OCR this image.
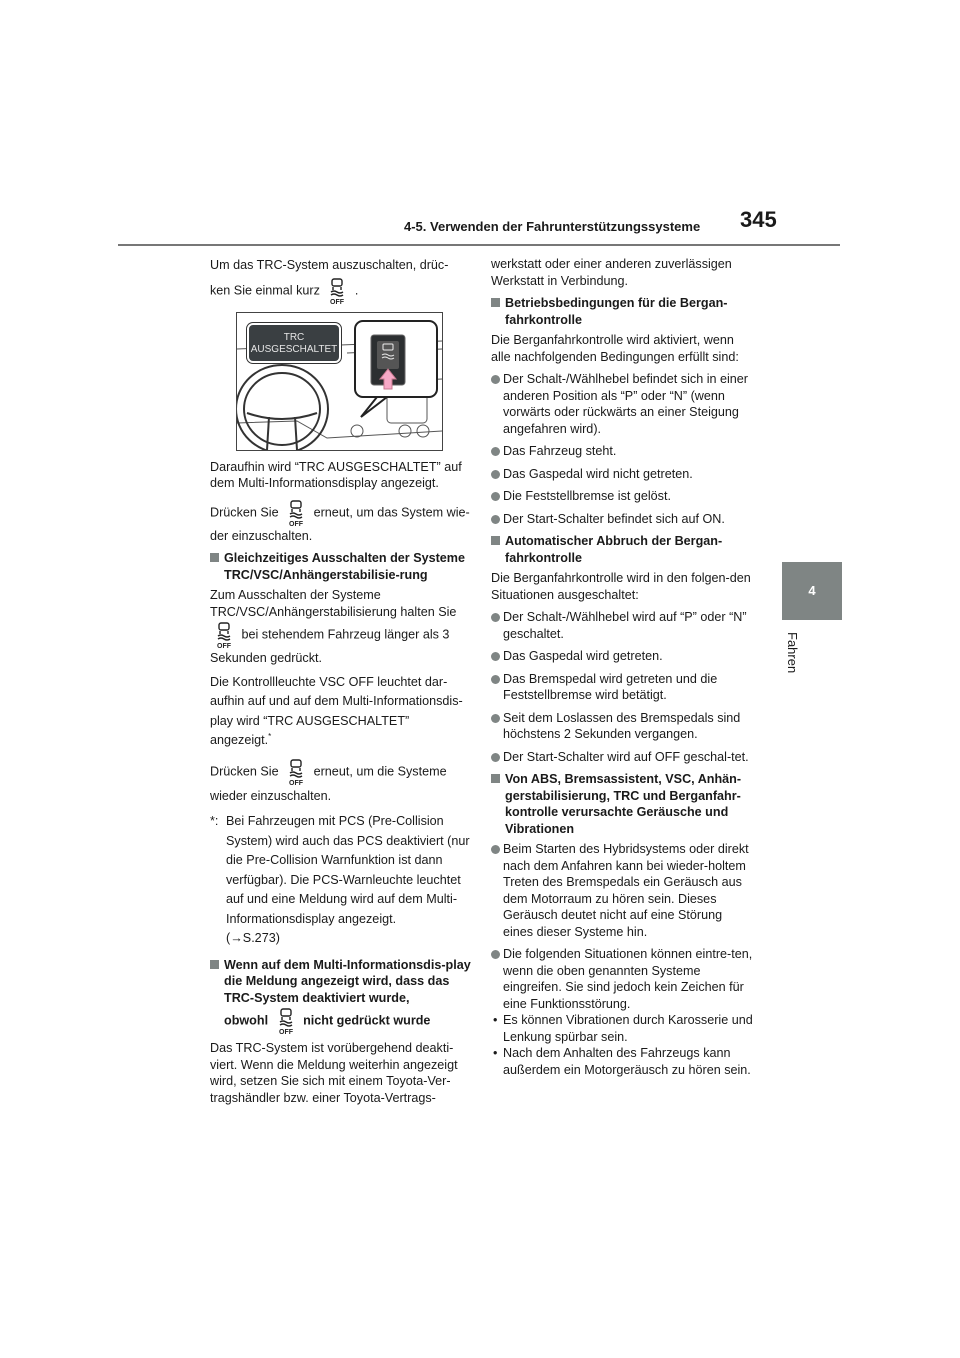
4-5. Verwenden der Fahrunterstützungssysteme 345
4
Fahren

Um das TRC-System auszuschalten, drüc-
ken Sie einmal kurz
OFF
.

TRC
AUSGESCHALTET

Daraufhin wird “TRC AUSGESCHALTET” auf dem Multi-Informationsdisplay angezeigt.

Drücken Sie
OFF
erneut, um das System wie-der einzuschalten.

Gleichzeitiges Ausschalten der Systeme TRC/VSC/Anhängerstabilisie-rung

Zum Ausschalten der Systeme TRC/VSC/Anhängerstabilisierung halten Sie

OFF
bei stehendem Fahrzeug länger als 3 Sekunden gedrückt.

Die Kontrollleuchte VSC OFF leuchtet dar-aufhin auf und auf dem Multi-Informationsdis-play wird “TRC AUSGESCHALTET” angezeigt.*

Drücken Sie
OFF
erneut, um die Systeme wieder einzuschalten.

*: Bei Fahrzeugen mit PCS (Pre-Collision System) wird auch das PCS deaktiviert (nur die Pre-Collision Warnfunktion ist dann verfügbar). Die PCS-Warnleuchte leuchtet auf und eine Meldung wird auf dem Multi-Informationsdisplay angezeigt.
(→S.273)
Wenn auf dem Multi-Informationsdis-play die Meldung angezeigt wird, dass das TRC-System deaktiviert wurde,
obwohl
OFF
nicht gedrückt wurde

Das TRC-System ist vorübergehend deakti-viert. Wenn die Meldung weiterhin angezeigt wird, setzen Sie sich mit einem Toyota-Ver-tragshändler bzw. einer Toyota-Vertrags-

werkstatt oder einer anderen zuverlässigen Werkstatt in Verbindung.

Betriebsbedingungen für die Bergan-fahrkontrolle

Die Berganfahrkontrolle wird aktiviert, wenn alle nachfolgenden Bedingungen erfüllt sind:

Der Schalt-/Wählhebel befindet sich in einer anderen Position als “P” oder “N” (wenn vorwärts oder rückwärts an einer Steigung angefahren wird).
Das Fahrzeug steht.
Das Gaspedal wird nicht getreten.
Die Feststellbremse ist gelöst.
Der Start-Schalter befindet sich auf ON.
Automatischer Abbruch der Bergan-fahrkontrolle

Die Berganfahrkontrolle wird in den folgen-den Situationen ausgeschaltet:

Der Schalt-/Wählhebel wird auf “P” oder “N” geschaltet.
Das Gaspedal wird getreten.
Das Bremspedal wird getreten und die Feststellbremse wird betätigt.
Seit dem Loslassen des Bremspedals sind höchstens 2 Sekunden vergangen.
Der Start-Schalter wird auf OFF geschal-tet.
Von ABS, Bremsassistent, VSC, Anhän-gerstabilisierung, TRC und Berganfahr-kontrolle verursachte Geräusche und Vibrationen
Beim Starten des Hybridsystems oder direkt nach dem Anfahren kann bei wieder-holtem Treten des Bremspedals ein Geräusch aus dem Motorraum zu hören sein. Dieses Geräusch deutet nicht auf eine Störung eines dieser Systeme hin.
Die folgenden Situationen können eintre-ten, wenn die oben genannten Systeme eingreifen. Sie sind jedoch kein Zeichen für eine Funktionsstörung.
• Es können Vibrationen durch Karosserie und Lenkung spürbar sein.
• Nach dem Anhalten des Fahrzeugs kann außerdem ein Motorgeräusch zu hören sein.
